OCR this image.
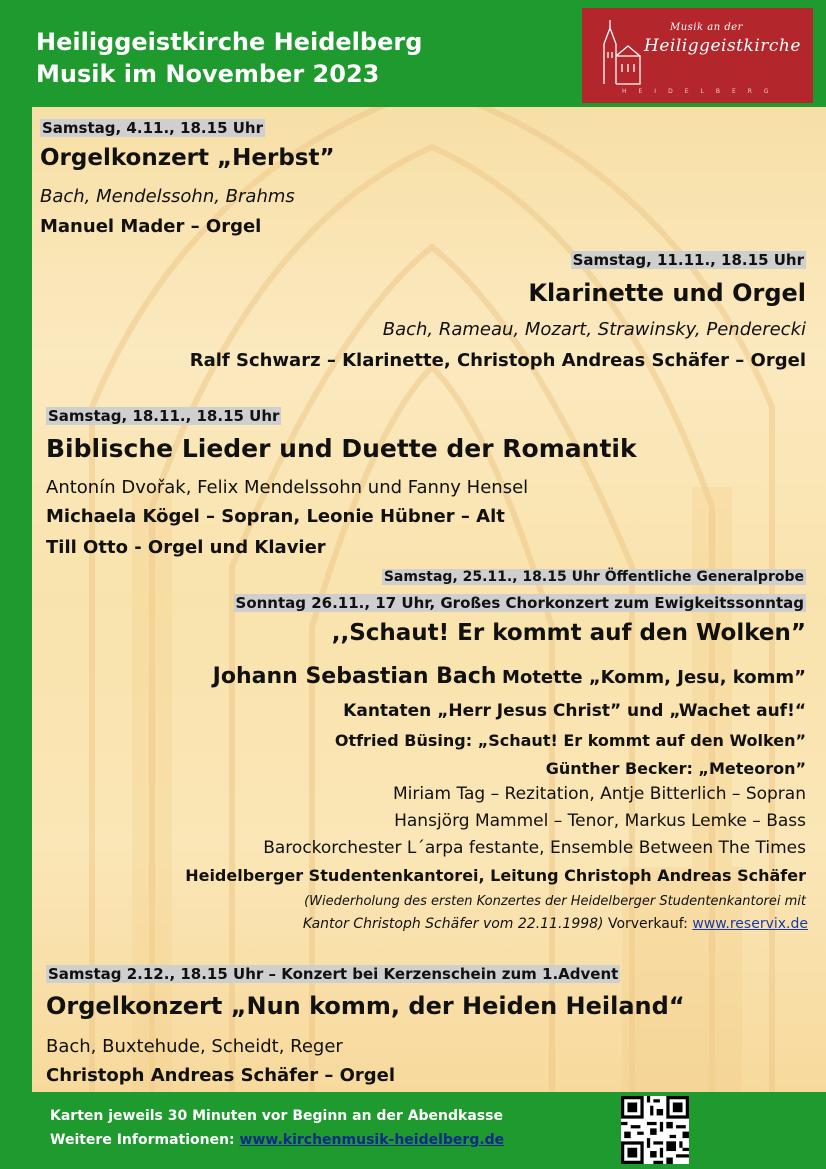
Heiliggeistkirche Heidelberg
Musik im November 2023
Musik an der
Heiliggeistkirche
HEIDELBERG
Samstag, 4.11., 18.15 Uhr
Orgelkonzert „Herbst”
Bach, Mendelssohn, Brahms
Manuel Mader – Orgel
Samstag, 11.11., 18.15 Uhr
Klarinette und Orgel
Bach, Rameau, Mozart, Strawinsky, Penderecki
Ralf Schwarz – Klarinette, Christoph Andreas Schäfer – Orgel
Samstag, 18.11., 18.15 Uhr
Biblische Lieder und Duette der Romantik
Antonín Dvořak, Felix Mendelssohn und Fanny Hensel
Michaela Kögel – Sopran, Leonie Hübner – Alt
Till Otto - Orgel und Klavier
Samstag, 25.11., 18.15 Uhr Öffentliche Generalprobe
Sonntag 26.11., 17 Uhr, Großes Chorkonzert zum Ewigkeitssonntag
,,Schaut! Er kommt auf den Wolken”
Johann Sebastian Bach Motette „Komm, Jesu, komm”
Kantaten „Herr Jesus Christ” und „Wachet auf!“
Otfried Büsing: „Schaut! Er kommt auf den Wolken”
Günther Becker: „Meteoron”
Miriam Tag – Rezitation, Antje Bitterlich – Sopran
Hansjörg Mammel – Tenor, Markus Lemke – Bass
Barockorchester L´arpa festante, Ensemble Between The Times
Heidelberger Studentenkantorei, Leitung Christoph Andreas Schäfer
(Wiederholung des ersten Konzertes der Heidelberger Studentenkantorei mit
Kantor Christoph Schäfer vom 22.11.1998) Vorverkauf: www.reservix.de
Samstag 2.12., 18.15 Uhr – Konzert bei Kerzenschein zum 1.Advent
Orgelkonzert „Nun komm, der Heiden Heiland“
Bach, Buxtehude, Scheidt, Reger
Christoph Andreas Schäfer – Orgel
Karten jeweils 30 Minuten vor Beginn an der Abendkasse
Weitere Informationen: www.kirchenmusik-heidelberg.de
